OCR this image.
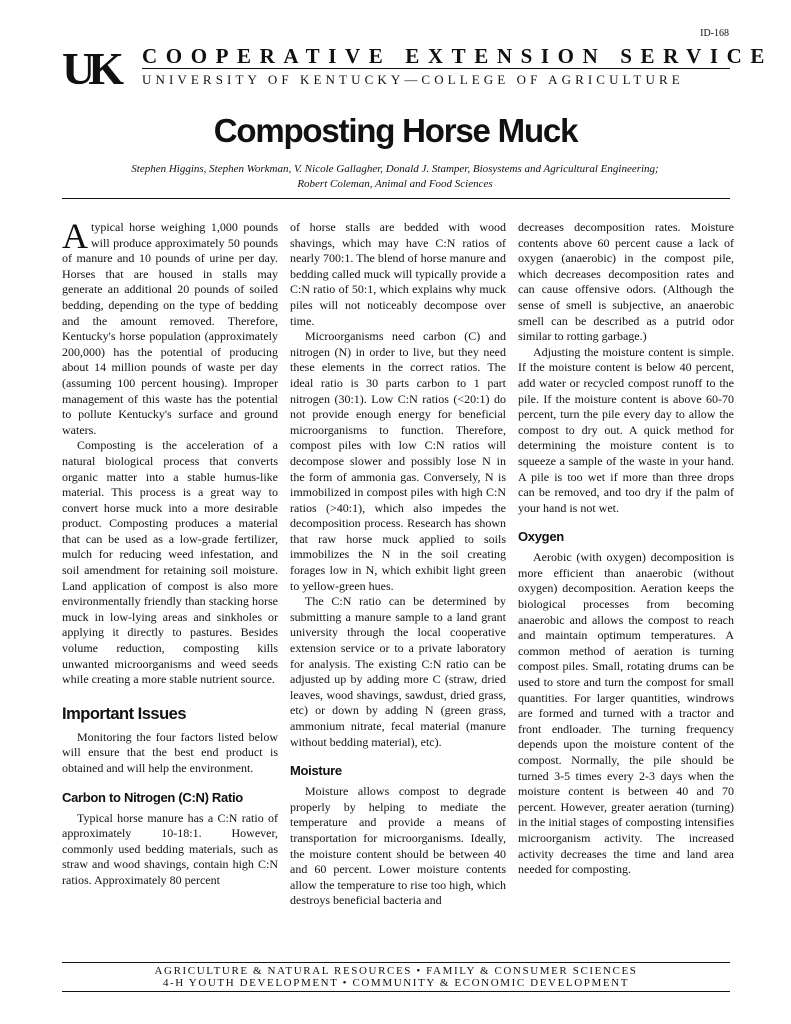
ID-168
UK	COOPERATIVE EXTENSION SERVICE
UNIVERSITY OF KENTUCKY—COLLEGE OF AGRICULTURE
Composting Horse Muck
Stephen Higgins, Stephen Workman, V. Nicole Gallagher, Donald J. Stamper, Biosystems and Agricultural Engineering;
Robert Coleman, Animal and Food Sciences

Atypical horse weighing 1,000 pounds will produce approximately 50 pounds of manure and 10 pounds of urine per day. Horses that are housed in stalls may generate an additional 20 pounds of soiled bedding, depending on the type of bedding and the amount removed. Therefore, Kentucky's horse population (approximately 200,000) has the potential of producing about 14 million pounds of waste per day (assuming 100 percent housing). Improper management of this waste has the potential to pollute Kentucky's surface and ground waters.

Composting is the acceleration of a natural biological process that converts organic matter into a stable humus-like material. This process is a great way to convert horse muck into a more desirable product. Composting produces a material that can be used as a low-grade fertilizer, mulch for reducing weed infestation, and soil amendment for retaining soil moisture. Land application of compost is also more environmentally friendly than stacking horse muck in low-lying areas and sinkholes or applying it directly to pastures. Besides volume reduction, composting kills unwanted microorganisms and weed seeds while creating a more stable nutrient source.

Important Issues

Monitoring the four factors listed below will ensure that the best end product is obtained and will help the environment.

Carbon to Nitrogen (C:N) Ratio

Typical horse manure has a C:N ratio of approximately 10-18:1. However, commonly used bedding materials, such as straw and wood shavings, contain high C:N ratios. Approximately 80 percent

of horse stalls are bedded with wood shavings, which may have C:N ratios of nearly 700:1. The blend of horse manure and bedding called muck will typically provide a C:N ratio of 50:1, which explains why muck piles will not noticeably decompose over time.

Microorganisms need carbon (C) and nitrogen (N) in order to live, but they need these elements in the correct ratios. The ideal ratio is 30 parts carbon to 1 part nitrogen (30:1). Low C:N ratios (<20:1) do not provide enough energy for beneficial microorganisms to function. Therefore, compost piles with low C:N ratios will decompose slower and possibly lose N in the form of ammonia gas. Conversely, N is immobilized in compost piles with high C:N ratios (>40:1), which also impedes the decomposition process. Research has shown that raw horse muck applied to soils immobilizes the N in the soil creating forages low in N, which exhibit light green to yellow-green hues.

The C:N ratio can be determined by submitting a manure sample to a land grant university through the local cooperative extension service or to a private laboratory for analysis. The existing C:N ratio can be adjusted up by adding more C (straw, dried leaves, wood shavings, sawdust, dried grass, etc) or down by adding N (green grass, ammonium nitrate, fecal material (manure without bedding material), etc).

Moisture

Moisture allows compost to degrade properly by helping to mediate the temperature and provide a means of transportation for microorganisms. Ideally, the moisture content should be between 40 and 60 percent. Lower moisture contents allow the temperature to rise too high, which destroys beneficial bacteria and

decreases decomposition rates. Moisture contents above 60 percent cause a lack of oxygen (anaerobic) in the compost pile, which decreases decomposition rates and can cause offensive odors. (Although the sense of smell is subjective, an anaerobic smell can be described as a putrid odor similar to rotting garbage.)

Adjusting the moisture content is simple. If the moisture content is below 40 percent, add water or recycled compost runoff to the pile. If the moisture content is above 60-70 percent, turn the pile every day to allow the compost to dry out. A quick method for determining the moisture content is to squeeze a sample of the waste in your hand. A pile is too wet if more than three drops can be removed, and too dry if the palm of your hand is not wet.

Oxygen

Aerobic (with oxygen) decomposition is more efficient than anaerobic (without oxygen) decomposition. Aeration keeps the biological processes from becoming anaerobic and allows the compost to reach and maintain optimum temperatures. A common method of aeration is turning compost piles. Small, rotating drums can be used to store and turn the compost for small quantities. For larger quantities, windrows are formed and turned with a tractor and front endloader. The turning frequency depends upon the moisture content of the compost. Normally, the pile should be turned 3-5 times every 2-3 days when the moisture content is between 40 and 70 percent. However, greater aeration (turning) in the initial stages of composting intensifies microorganism activity. The increased activity decreases the time and land area needed for composting.

AGRICULTURE & NATURAL RESOURCES • FAMILY & CONSUMER SCIENCES
4-H YOUTH DEVELOPMENT • COMMUNITY & ECONOMIC DEVELOPMENT
